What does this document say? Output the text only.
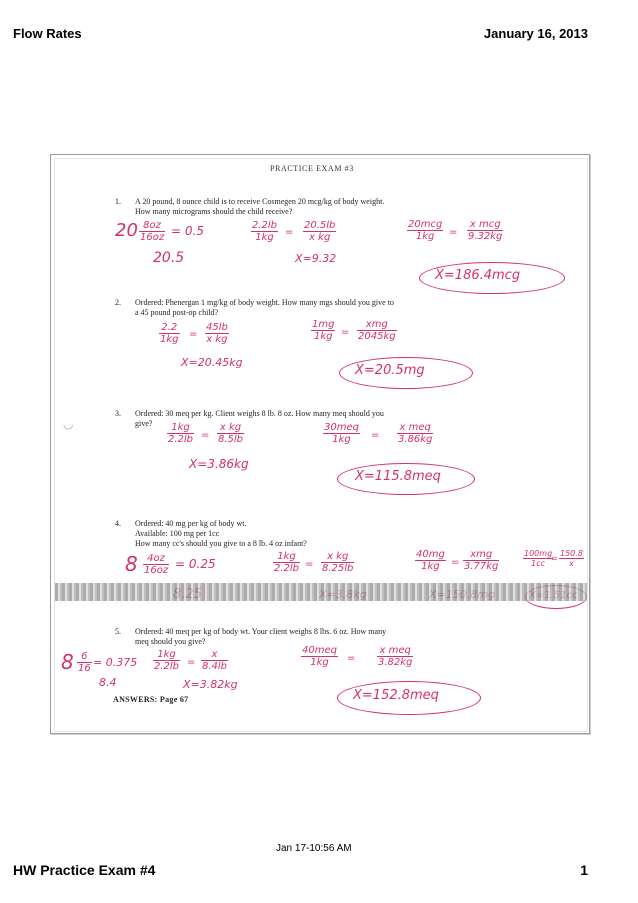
Flow Rates	January 16, 2013
PRACTICE EXAM #3
◡
1. A 20 pound, 8 ounce child is to receive Cosmegen 20 mcg/kg of body weight.
How many micrograms should the child receive?
$20 \frac{8oz}{16oz} = 0.5$
20.5
$\frac{2.2lb}{1kg} = \frac{20.5lb}{\text{x kg}}$
X=9.32
$\frac{\text{20mcg}}{1kg} = \frac{\text{x mcg}}{9.32kg}$
X=186.4mcg
2. Ordered: Phenergan 1 mg/kg of body weight. How many mgs should you give to
a 45 pound post-op child?
$\frac{2.2}{1kg} = \frac{45lb}{\text{x kg}}$
X=20.45kg
$\frac{1mg}{1kg} = \frac{\text{xmg}}{2045kg}$
X=20.5mg
3. Ordered: 30 meq per kg. Client weighs 8 lb. 8 oz. How many meq should you
give?	$\frac{1kg}{2.2lb} = \frac{\text{x kg}}{8.5lb}$
X=3.86kg
$\frac{\text{30meq}}{1kg} = \frac{\text{x meq}}{3.86kg}$
X=115.8meq
4. Ordered: 40 mg per kg of body wt.
Available: 100 mg per 1cc
How many cc's should you give to a 8 lb. 4 oz infant?
$8 \frac{4oz}{16oz} = 0.25$	$\frac{1kg}{2.2lb} = \frac{\text{x kg}}{8.25lb}$	$\frac{40mg}{1kg} = \frac{\text{xmg}}{3.77kg}$	$\frac{100mg}{1cc}$
= $\frac{150.8}{x}$
5. Ordered: 40 meq per kg of body wt. Your client weighs 8 lbs. 6 oz. How many
meq should you give?
$8 \frac{6}{16} = 0.375$
8.4
$\frac{1kg}{2.2lb} = \frac{x}{8.4lb}$
X=3.82kg
$\frac{\text{40meq}}{1kg} = \frac{\text{x meq}}{3.82kg}$
X=152.8meq
ANSWERS: Page 67
Jan 17-10:56 AM
HW Practice Exam #4	1
